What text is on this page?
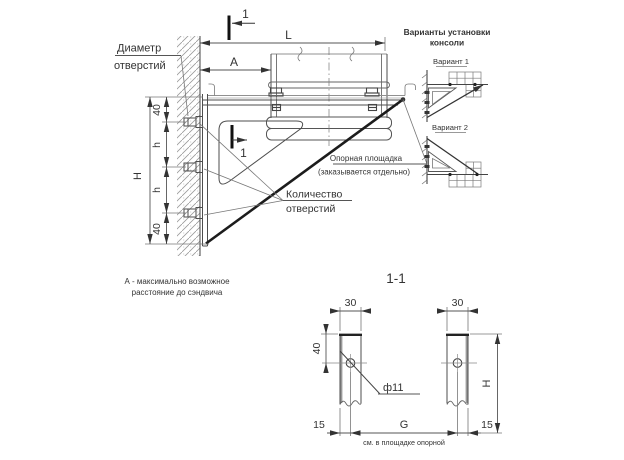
1
1
L
A
H
40
h
h
40
Диаметр
отверстий
Количество
отверстий
Опорная площадка
(заказывается отдельно)
А - максимально возможное
расстояние до сэндвича
Варианты установки
консоли
Вариант 1
Вариант 2
1-1
30	30
40
ф11
15	G	15
см. в площадке опорной
H
